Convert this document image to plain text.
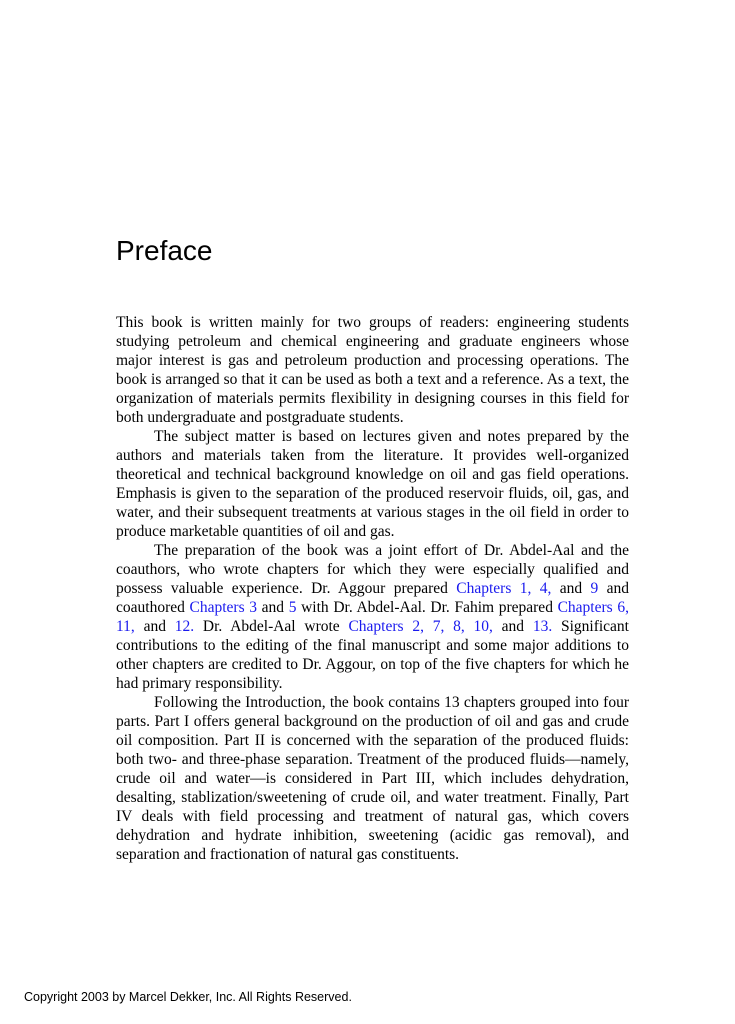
Preface

This book is written mainly for two groups of readers: engineering students studying petroleum and chemical engineering and graduate engineers whose major interest is gas and petroleum production and processing operations. The book is arranged so that it can be used as both a text and a reference. As a text, the organization of materials permits flexibility in designing courses in this field for both undergraduate and postgraduate students.

The subject matter is based on lectures given and notes prepared by the authors and materials taken from the literature. It provides well-organized theoretical and technical background knowledge on oil and gas field operations. Emphasis is given to the separation of the produced reservoir fluids, oil, gas, and water, and their subsequent treatments at various stages in the oil field in order to produce marketable quantities of oil and gas.

The preparation of the book was a joint effort of Dr. Abdel-Aal and the coauthors, who wrote chapters for which they were especially qualified and possess valuable experience. Dr. Aggour prepared Chapters 1, 4, and 9 and coauthored Chapters 3 and 5 with Dr. Abdel-Aal. Dr. Fahim prepared Chapters 6, 11, and 12. Dr. Abdel-Aal wrote Chapters 2, 7, 8, 10, and 13. Significant contributions to the editing of the final manuscript and some major additions to other chapters are credited to Dr. Aggour, on top of the five chapters for which he had primary responsibility.

Following the Introduction, the book contains 13 chapters grouped into four parts. Part I offers general background on the production of oil and gas and crude oil composition. Part II is concerned with the separation of the produced fluids: both two- and three-phase separation. Treatment of the produced fluids—namely, crude oil and water—is considered in Part III, which includes dehydration, desalting, stablization/sweetening of crude oil, and water treatment. Finally, Part IV deals with field processing and treatment of natural gas, which covers dehydration and hydrate inhibition, sweetening (acidic gas removal), and separation and fractionation of natural gas constituents.

Copyright 2003 by Marcel Dekker, Inc. All Rights Reserved.
